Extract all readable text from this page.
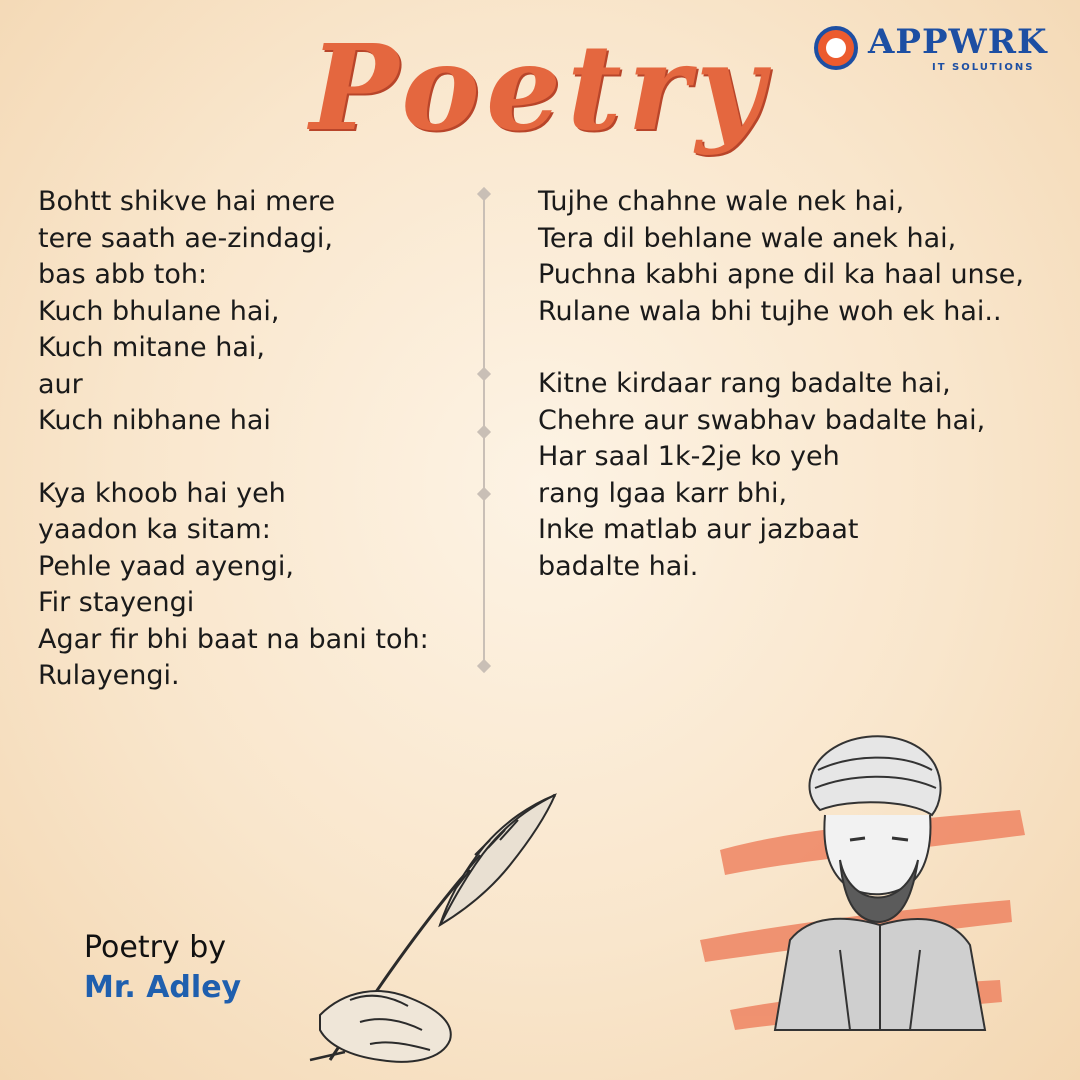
Poetry	APPWRK
IT SOLUTIONS
Bohtt shikve hai mere
tere saath ae-zindagi,
bas abb toh:
Kuch bhulane hai,
Kuch mitane hai,
aur
Kuch nibhane hai
Kya khoob hai yeh
yaadon ka sitam:
Pehle yaad ayengi,
Fir stayengi
Agar fir bhi baat na bani toh:
Rulayengi.
Tujhe chahne wale nek hai,
Tera dil behlane wale anek hai,
Puchna kabhi apne dil ka haal unse,
Rulane wala bhi tujhe woh ek hai..
Kitne kirdaar rang badalte hai,
Chehre aur swabhav badalte hai,
Har saal 1k-2je ko yeh
rang lgaa karr bhi,
Inke matlab aur jazbaat
badalte hai.
Poetry by
Mr. Adley
